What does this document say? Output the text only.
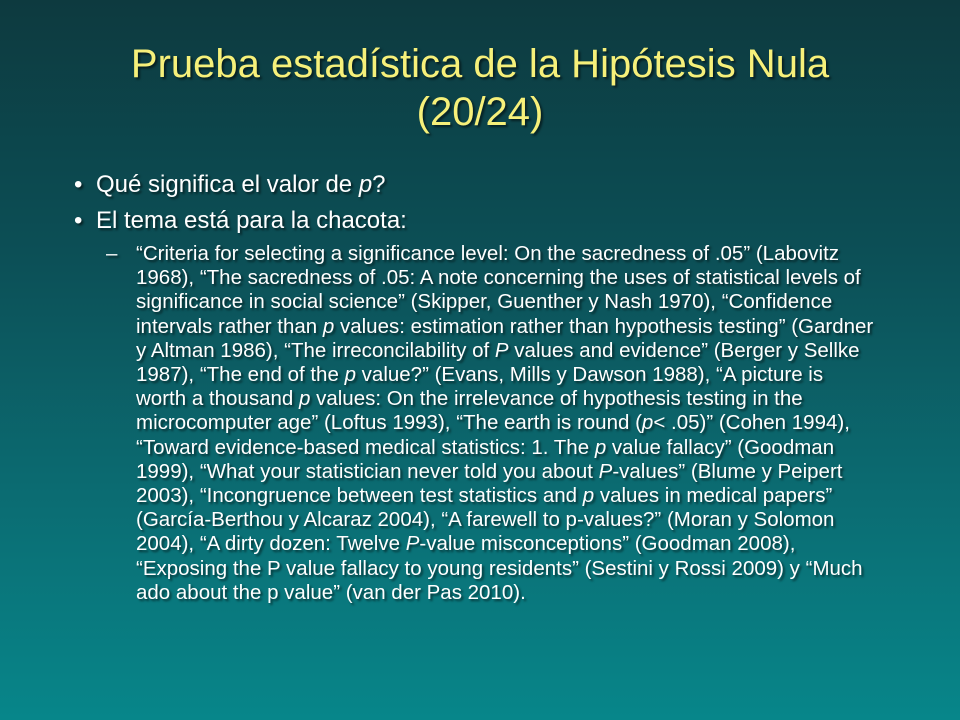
Prueba estadística de la Hipótesis Nula
(20/24)
• Qué significa el valor de p?
• El tema está para la chacota:
– “Criteria for selecting a significance level: On the sacredness of .05” (Labovitz 1968), “The sacredness of .05: A note concerning the uses of statistical levels of significance in social science” (Skipper, Guenther y Nash 1970), “Confidence intervals rather than p values: estimation rather than hypothesis testing” (Gardner y Altman 1986), “The irreconcilability of P values and evidence” (Berger y Sellke 1987), “The end of the p value?” (Evans, Mills y Dawson 1988), “A picture is worth a thousand p values: On the irrelevance of hypothesis testing in the microcomputer age” (Loftus 1993), “The earth is round (p< .05)” (Cohen 1994), “Toward evidence-based medical statistics: 1. The p value fallacy” (Goodman 1999), “What your statistician never told you about P-values” (Blume y Peipert 2003), “Incongruence between test statistics and p values in medical papers” (García-Berthou y Alcaraz 2004), “A farewell to p-values?” (Moran y Solomon 2004), “A dirty dozen: Twelve P-value misconceptions” (Goodman 2008), “Exposing the P value fallacy to young residents” (Sestini y Rossi 2009) y “Much ado about the p value” (van der Pas 2010).
